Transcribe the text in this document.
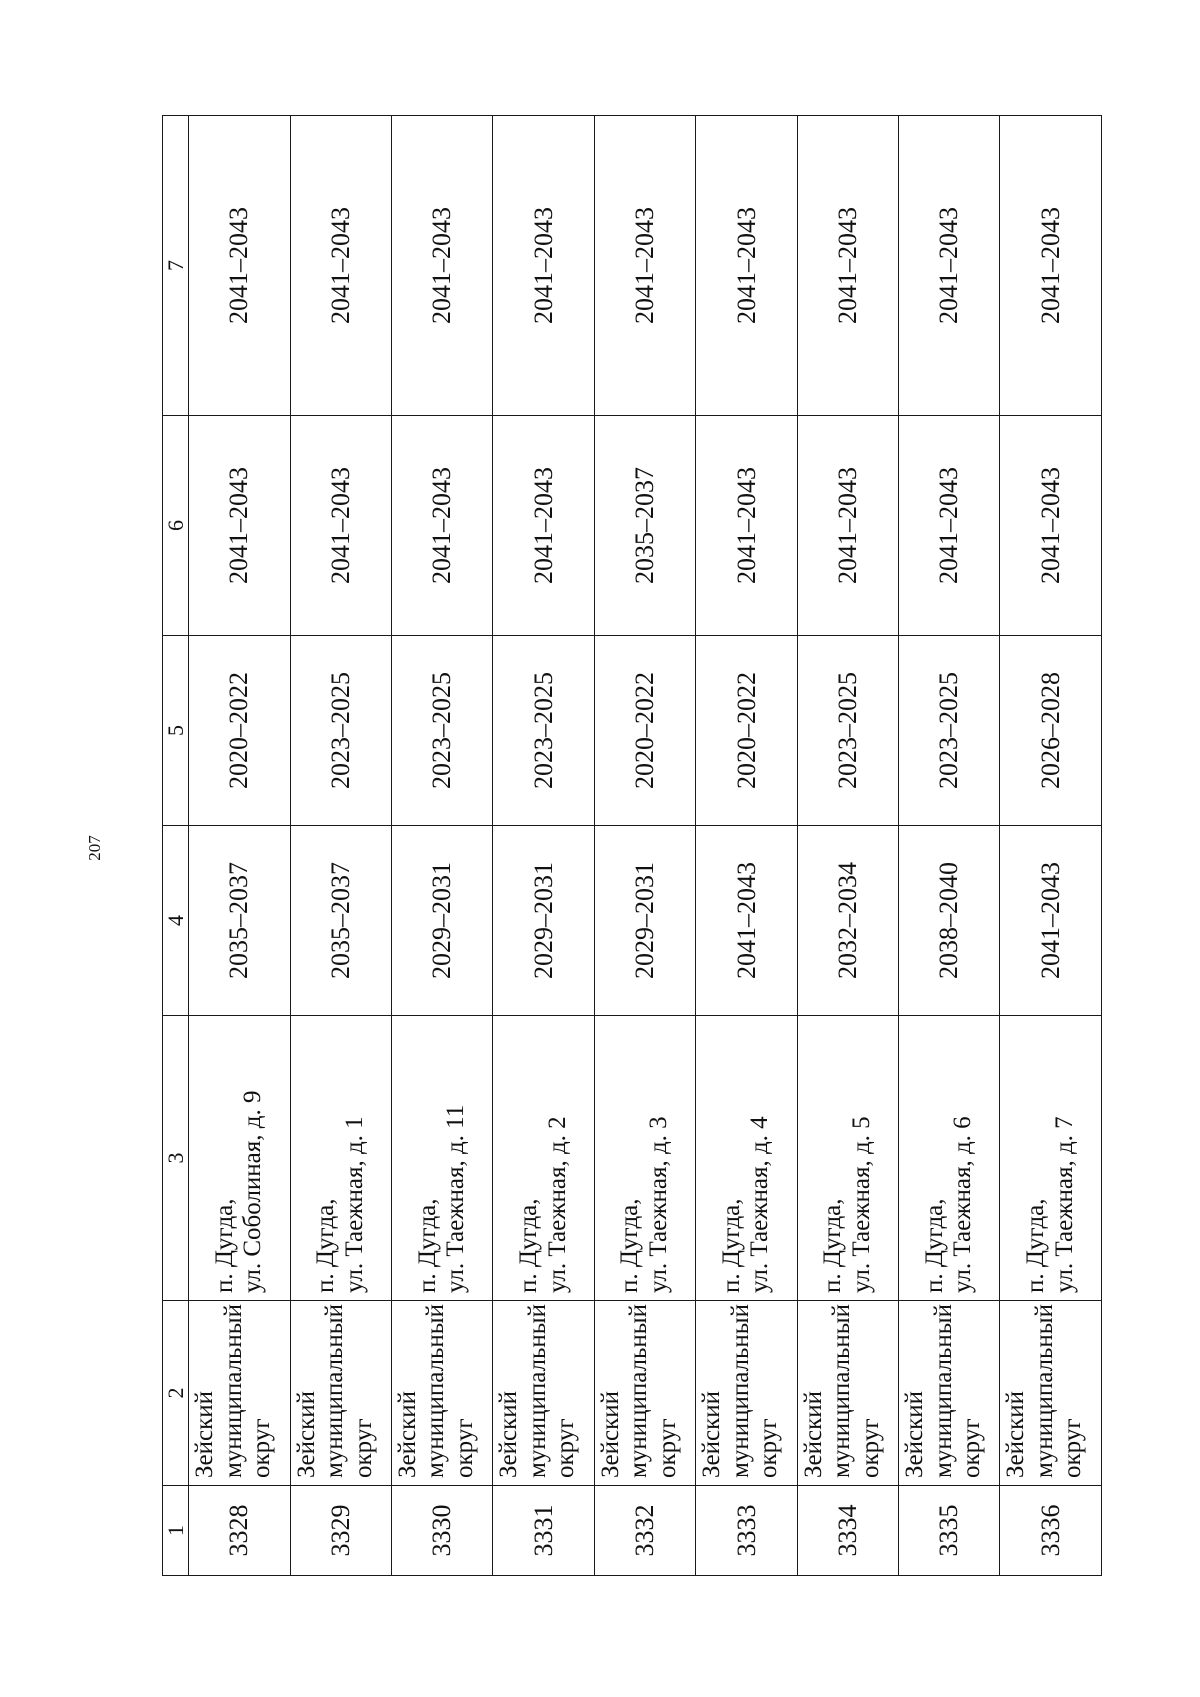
207
1	2	3	4	5	6	7
3328	Зейский муниципальный округ	п. Дугда, ул. Соболиная, д. 9	2035–2037	2020–2022	2041–2043	2041–2043
3329	Зейский муниципальный округ	п. Дугда, ул. Таежная, д. 1	2035–2037	2023–2025	2041–2043	2041–2043
3330	Зейский муниципальный округ	п. Дугда, ул. Таежная, д. 11	2029–2031	2023–2025	2041–2043	2041–2043
3331	Зейский муниципальный округ	п. Дугда, ул. Таежная, д. 2	2029–2031	2023–2025	2041–2043	2041–2043
3332	Зейский муниципальный округ	п. Дугда, ул. Таежная, д. 3	2029–2031	2020–2022	2035–2037	2041–2043
3333	Зейский муниципальный округ	п. Дугда, ул. Таежная, д. 4	2041–2043	2020–2022	2041–2043	2041–2043
3334	Зейский муниципальный округ	п. Дугда, ул. Таежная, д. 5	2032–2034	2023–2025	2041–2043	2041–2043
3335	Зейский муниципальный округ	п. Дугда, ул. Таежная, д. 6	2038–2040	2023–2025	2041–2043	2041–2043
3336	Зейский муниципальный округ	п. Дугда, ул. Таежная, д. 7	2041–2043	2026–2028	2041–2043	2041–2043
